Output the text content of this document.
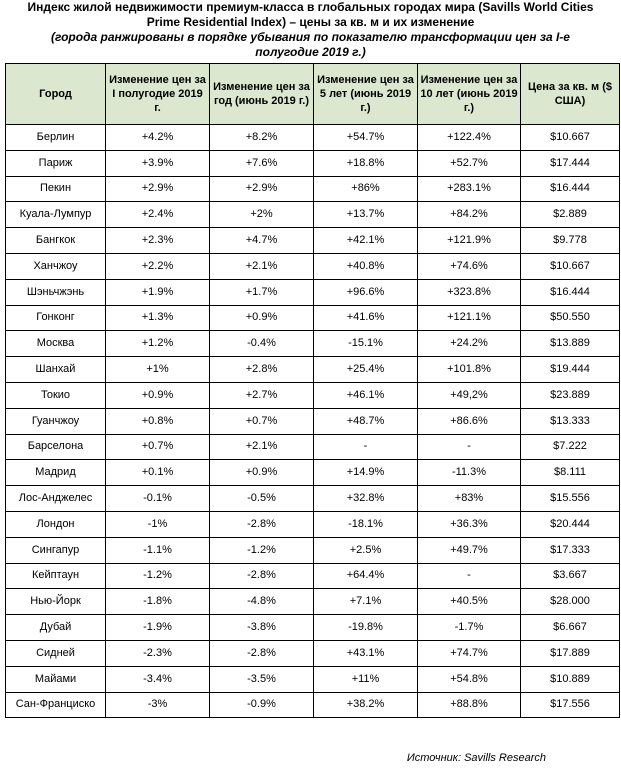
Индекс жилой недвижимости премиум-класса в глобальных городах мира (Savills World Cities
Prime Residential Index) – цены за кв. м и их изменение
(города ранжированы в порядке убывания по показателю трансформации цен за I-е
полугодие 2019 г.)
Город	Изменение цен за I полугодие 2019 г.	Изменение цен за год (июнь 2019 г.)	Изменение цен за 5 лет (июнь 2019 г.)	Изменение цен за 10 лет (июнь 2019 г.)	Цена за кв. м ($ США)
Берлин	+4.2%	+8.2%	+54.7%	+122.4%	$10.667
Париж	+3.9%	+7.6%	+18.8%	+52.7%	$17.444
Пекин	+2.9%	+2.9%	+86%	+283.1%	$16.444
Куала-Лумпур	+2.4%	+2%	+13.7%	+84.2%	$2.889
Бангкок	+2.3%	+4.7%	+42.1%	+121.9%	$9.778
Ханчжоу	+2.2%	+2.1%	+40.8%	+74.6%	$10.667
Шэньчжэнь	+1.9%	+1.7%	+96.6%	+323.8%	$16.444
Гонконг	+1.3%	+0.9%	+41.6%	+121.1%	$50.550
Москва	+1.2%	-0.4%	-15.1%	+24.2%	$13.889
Шанхай	+1%	+2.8%	+25.4%	+101.8%	$19.444
Токио	+0.9%	+2.7%	+46.1%	+49,2%	$23.889
Гуанчжоу	+0.8%	+0.7%	+48.7%	+86.6%	$13.333
Барселона	+0.7%	+2.1%	-	-	$7.222
Мадрид	+0.1%	+0.9%	+14.9%	-11.3%	$8.111
Лос-Анджелес	-0.1%	-0.5%	+32.8%	+83%	$15.556
Лондон	-1%	-2.8%	-18.1%	+36.3%	$20.444
Сингапур	-1.1%	-1.2%	+2.5%	+49.7%	$17.333
Кейптаун	-1.2%	-2.8%	+64.4%	-	$3.667
Нью-Йорк	-1.8%	-4.8%	+7.1%	+40.5%	$28.000
Дубай	-1.9%	-3.8%	-19.8%	-1.7%	$6.667
Сидней	-2.3%	-2.8%	+43.1%	+74.7%	$17.889
Майами	-3.4%	-3.5%	+11%	+54.8%	$10.889
Сан-Франциско	-3%	-0.9%	+38.2%	+88.8%	$17.556
Источник: Savills Research
